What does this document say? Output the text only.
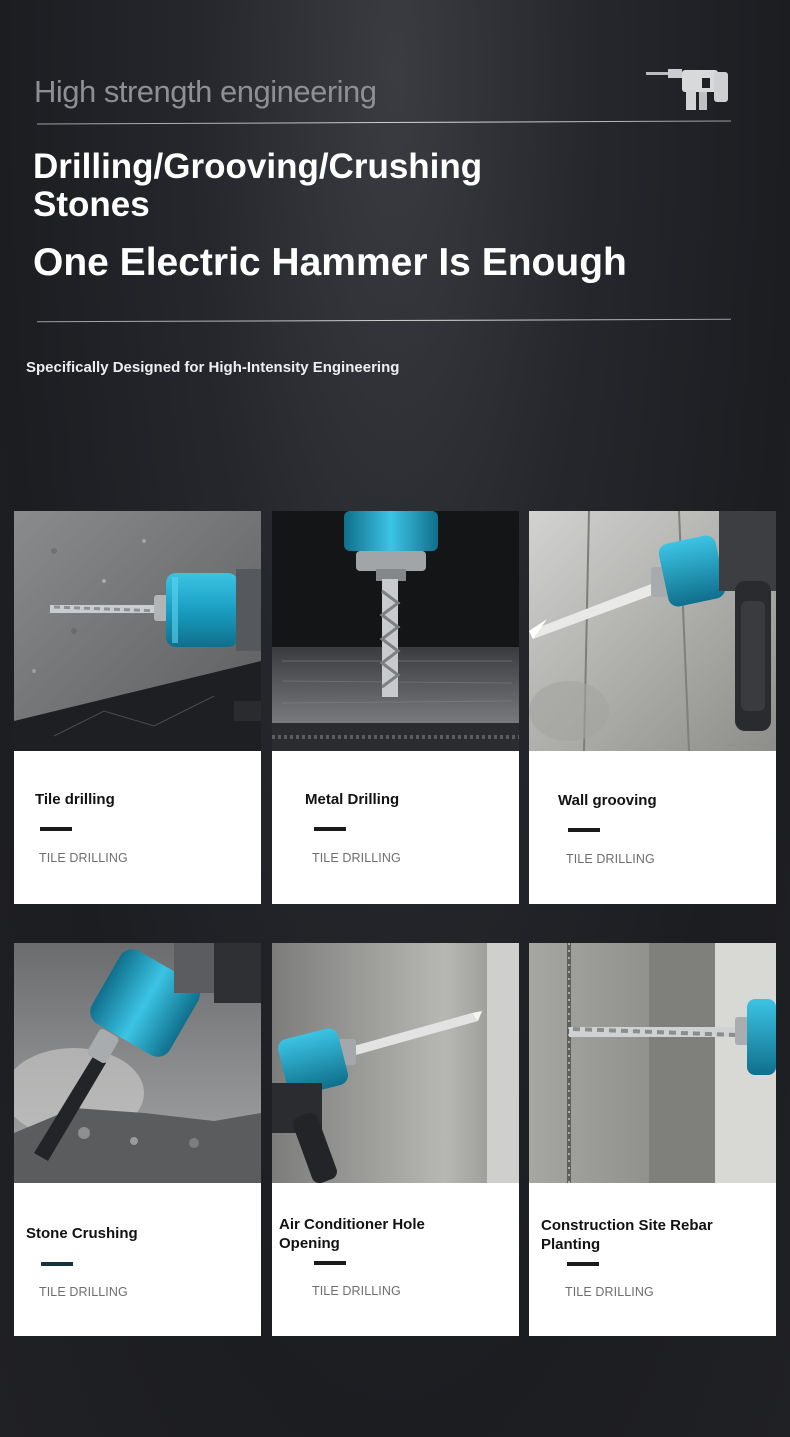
High strength engineering
Drilling/Grooving/Crushing Stones
One Electric Hammer Is Enough
Specifically Designed for High-Intensity Engineering
Tile drilling
TILE DRILLING
Metal Drilling
TILE DRILLING
Wall grooving
TILE DRILLING
Stone Crushing
TILE DRILLING
Air Conditioner Hole Opening
TILE DRILLING
Construction Site Rebar Planting
TILE DRILLING
